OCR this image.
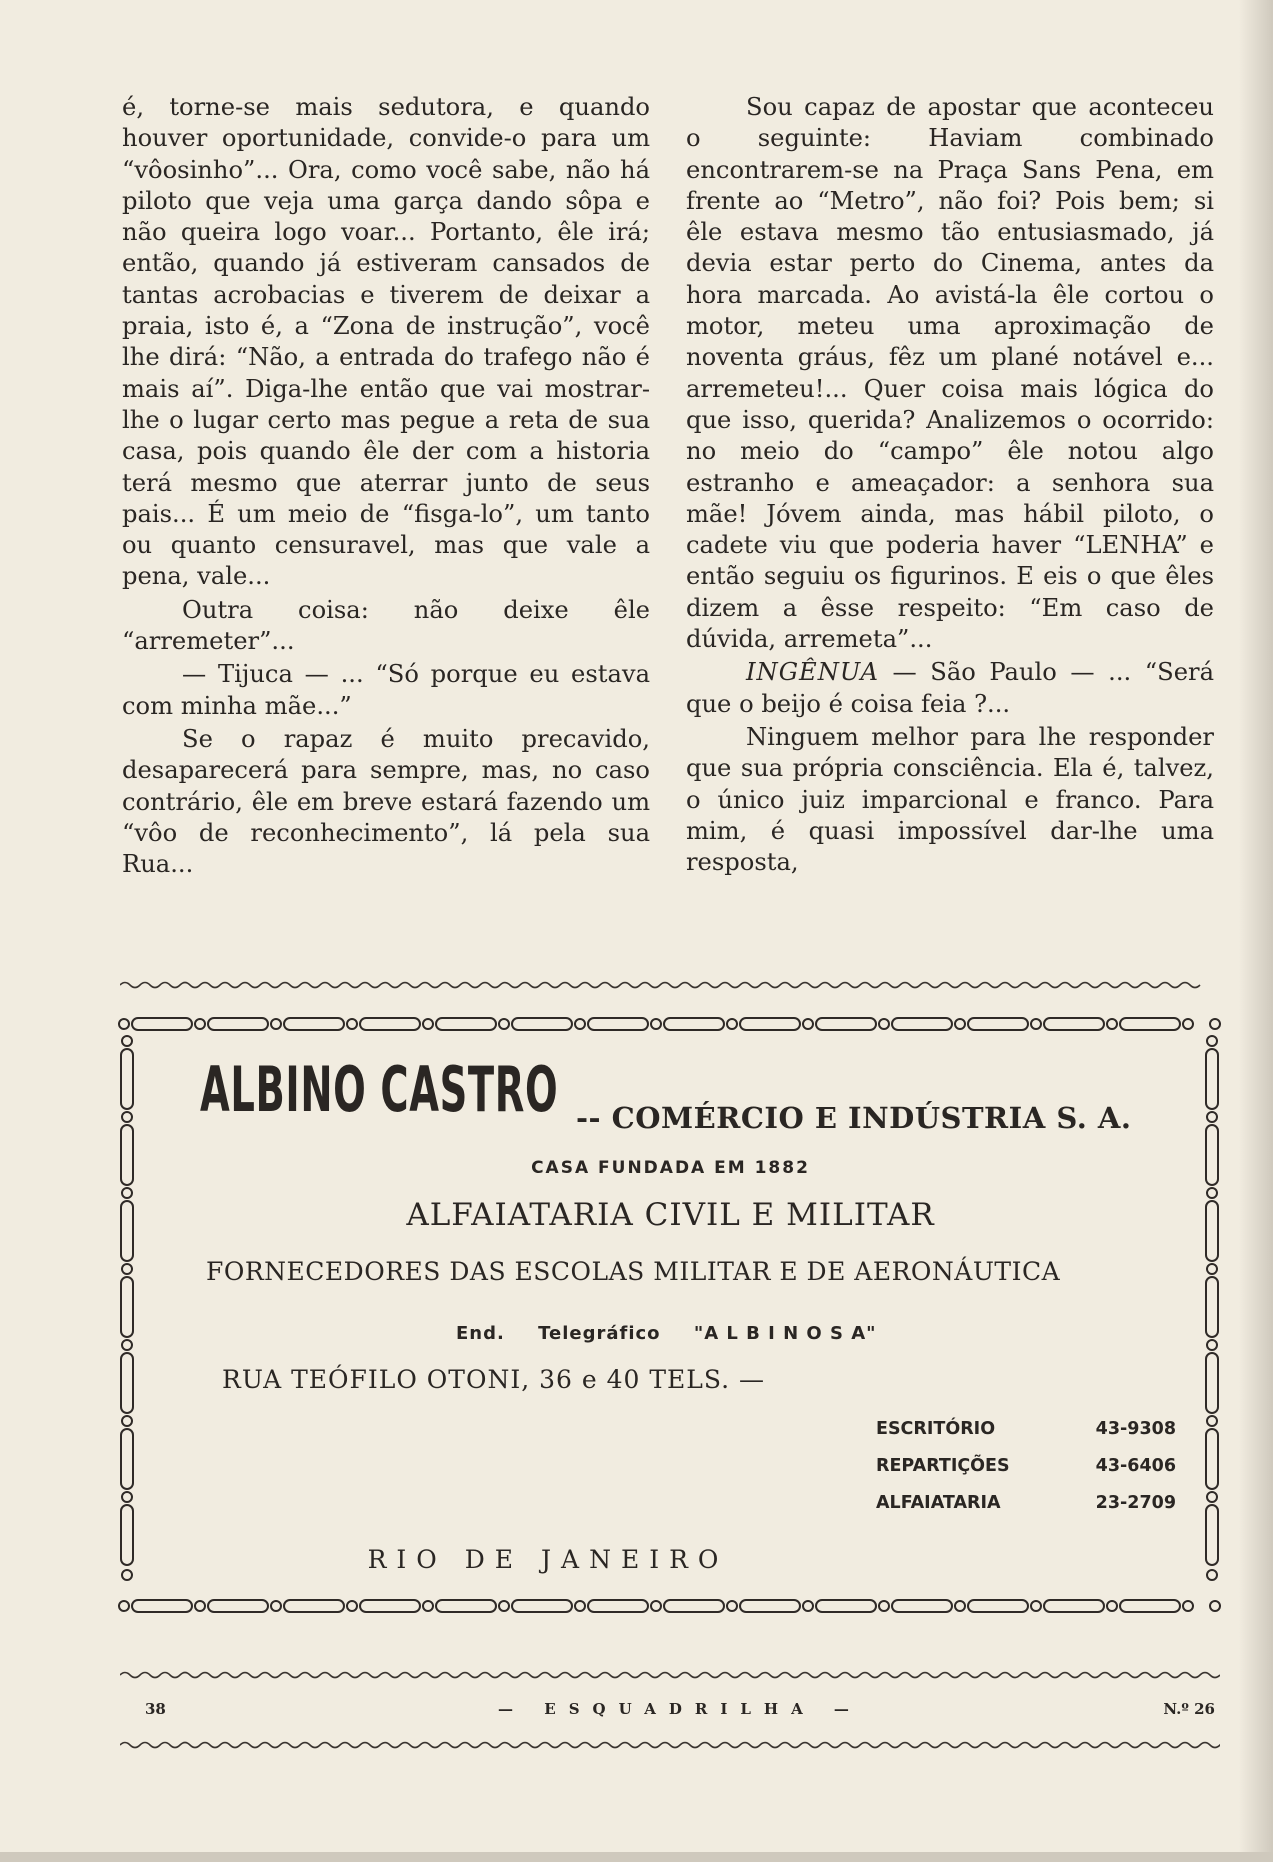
é, torne-se mais sedutora, e quando houver oportunidade, convide-o para um “vôosinho”... Ora, como você sabe, não há piloto que veja uma garça dando sôpa e não queira logo voar... Portanto, êle irá; então, quando já estiveram cansados de tantas acrobacias e tiverem de deixar a praia, isto é, a “Zona de instrução”, você lhe dirá: “Não, a entrada do trafego não é mais aí”. Diga-lhe então que vai mostrar-lhe o lugar certo mas pegue a reta de sua casa, pois quando êle der com a historia terá mesmo que aterrar junto de seus pais... É um meio de “fisga-lo”, um tanto ou quanto censuravel, mas que vale a pena, vale...

Outra coisa: não deixe êle “arremeter”...

— Tijuca — ... “Só porque eu estava com minha mãe...”

Se o rapaz é muito precavido, desaparecerá para sempre, mas, no caso contrário, êle em breve estará fazendo um “vôo de reconhecimento”, lá pela sua Rua...

Sou capaz de apostar que aconteceu o seguinte: Haviam combinado encontrarem-se na Praça Sans Pena, em frente ao “Metro”, não foi? Pois bem; si êle estava mesmo tão entusiasmado, já devia estar perto do Cinema, antes da hora marcada. Ao avistá-la êle cortou o motor, meteu uma aproximação de noventa gráus, fêz um plané notável e... arremeteu!... Quer coisa mais lógica do que isso, querida? Analizemos o ocorrido: no meio do “campo” êle notou algo estranho e ameaçador: a senhora sua mãe! Jóvem ainda, mas hábil piloto, o cadete viu que poderia haver “LENHA” e então seguiu os figurinos. E eis o que êles dizem a êsse respeito: “Em caso de dúvida, arremeta”...

INGÊNUA — São Paulo — ... “Será que o beijo é coisa feia ?...

Ninguem melhor para lhe responder que sua própria consciência. Ela é, talvez, o único juiz imparcional e franco. Para mim, é quasi impossível dar-lhe uma resposta,

ALBINO CASTRO -- COMÉRCIO E INDÚSTRIA S. A.
CASA FUNDADA EM 1882
ALFAIATARIA CIVIL E MILITAR
FORNECEDORES DAS ESCOLAS MILITAR E DE AERONÁUTICA
End. Telegráfico "A L B I N O S A"
RUA TEÓFILO OTONI, 36 e 40 TELS. —
ESCRITÓRIO	43-9308
REPARTIÇÕES	43-6406
ALFAIATARIA	23-2709
RIO DE JANEIRO
38	— ESQUADRILHA —	N.º 26
